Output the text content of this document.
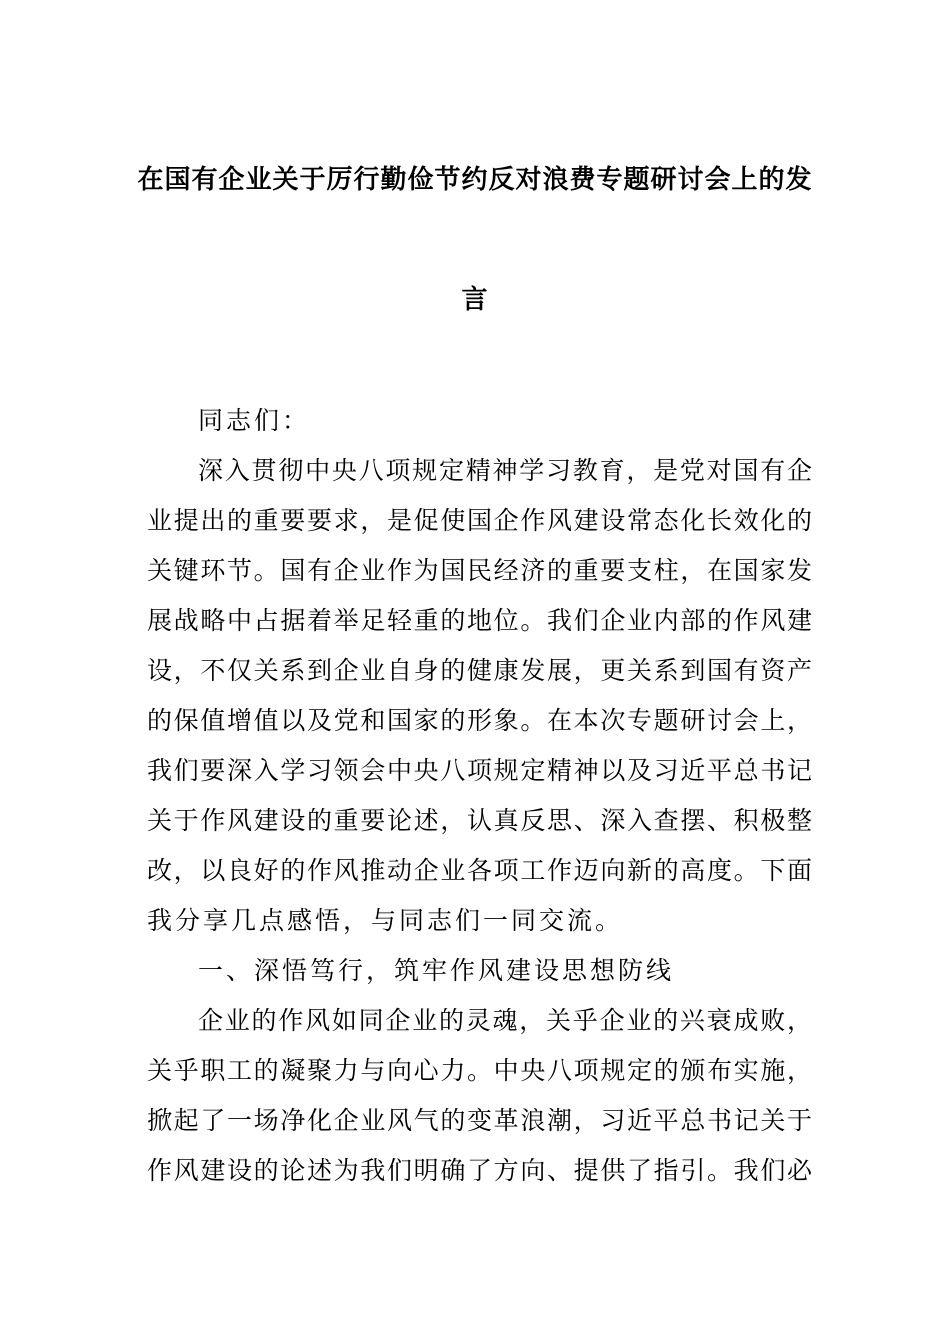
在国有企业关于厉行勤俭节约反对浪费专题研讨会上的发
言
同志们：
深入贯彻中央八项规定精神学习教育，是党对国有企
业提出的重要要求，是促使国企作风建设常态化长效化的
关键环节。国有企业作为国民经济的重要支柱，在国家发
展战略中占据着举足轻重的地位。我们企业内部的作风建
设，不仅关系到企业自身的健康发展，更关系到国有资产
的保值增值以及党和国家的形象。在本次专题研讨会上，
我们要深入学习领会中央八项规定精神以及习近平总书记
关于作风建设的重要论述，认真反思、深入查摆、积极整
改，以良好的作风推动企业各项工作迈向新的高度。下面
我分享几点感悟，与同志们一同交流。
一、深悟笃行，筑牢作风建设思想防线
企业的作风如同企业的灵魂，关乎企业的兴衰成败，
关乎职工的凝聚力与向心力。中央八项规定的颁布实施，
掀起了一场净化企业风气的变革浪潮，习近平总书记关于
作风建设的论述为我们明确了方向、提供了指引。我们必
